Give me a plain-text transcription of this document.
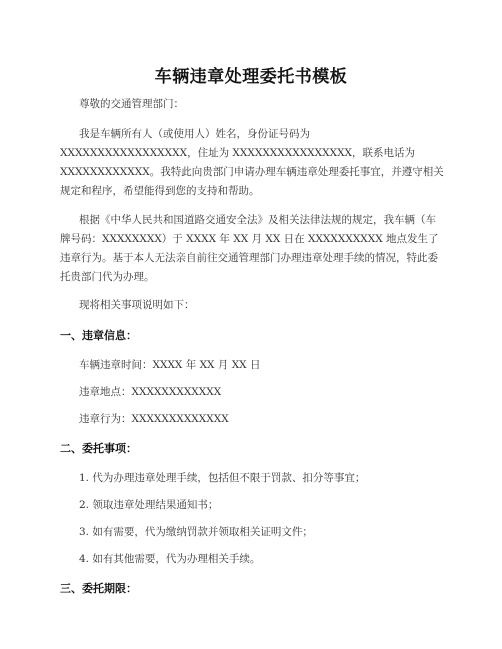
车辆违章处理委托书模板
尊敬的交通管理部门：
我是车辆所有人（或使用人）姓名，身份证号码为 XXXXXXXXXXXXXXXXX，住址为 XXXXXXXXXXXXXXXX，联系电话为 XXXXXXXXXXXX。我特此向贵部门申请办理车辆违章处理委托事宜，并遵守相关规定和程序，希望能得到您的支持和帮助。
根据《中华人民共和国道路交通安全法》及相关法律法规的规定，我车辆（车牌号码：XXXXXXXX）于 XXXX 年 XX 月 XX 日在 XXXXXXXXXX 地点发生了违章行为。基于本人无法亲自前往交通管理部门办理违章处理手续的情况，特此委托贵部门代为办理。
现将相关事项说明如下：
一、违章信息：
车辆违章时间：XXXX 年 XX 月 XX 日
违章地点：XXXXXXXXXXXX
违章行为：XXXXXXXXXXXXX
二、委托事项：
1. 代为办理违章处理手续，包括但不限于罚款、扣分等事宜；
2. 领取违章处理结果通知书；
3. 如有需要，代为缴纳罚款并领取相关证明文件；
4. 如有其他需要，代为办理相关手续。
三、委托期限：
